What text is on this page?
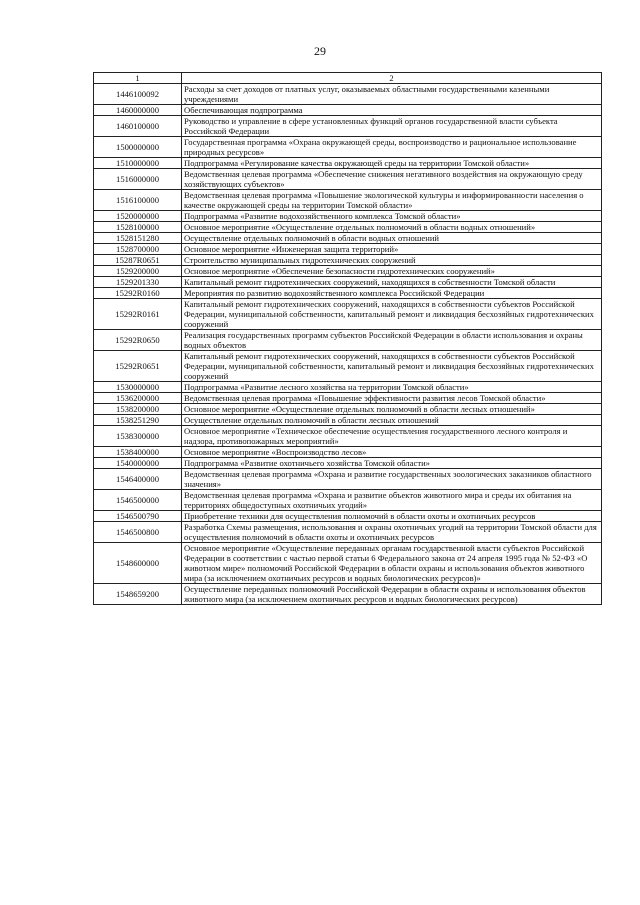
29
1	2
1446100092	Расходы за счет доходов от платных услуг, оказываемых областными государственными казенными учреждениями
1460000000	Обеспечивающая подпрограмма
1460100000	Руководство и управление в сфере установленных функций органов государственной власти субъекта Российской Федерации
1500000000	Государственная программа «Охрана окружающей среды, воспроизводство и рациональное использование природных ресурсов»
1510000000	Подпрограмма «Регулирование качества окружающей среды на территории Томской области»
1516000000	Ведомственная целевая программа «Обеспечение снижения негативного воздействия на окружающую среду хозяйствующих субъектов»
1516100000	Ведомственная целевая программа «Повышение экологической культуры и информированности населения о качестве окружающей среды на территории Томской области»
1520000000	Подпрограмма «Развитие водохозяйственного комплекса Томской области»
1528100000	Основное мероприятие «Осуществление отдельных полномочий в области водных отношений»
1528151280	Осуществление отдельных полномочий в области водных отношений
1528700000	Основное мероприятие «Инженерная защита территорий»
15287R0651	Строительство муниципальных гидротехнических сооружений
1529200000	Основное мероприятие «Обеспечение безопасности гидротехнических сооружений»
1529201330	Капитальный ремонт гидротехнических сооружений, находящихся в собственности Томской области
15292R0160	Мероприятия по развитию водохозяйственного комплекса Российской Федерации
15292R0161	Капитальный ремонт гидротехнических сооружений, находящихся в собственности субъектов Российской Федерации, муниципальной собственности, капитальный ремонт и ликвидация бесхозяйных гидротехнических сооружений
15292R0650	Реализация государственных программ субъектов Российской Федерации в области использования и охраны водных объектов
15292R0651	Капитальный ремонт гидротехнических сооружений, находящихся в собственности субъектов Российской Федерации, муниципальной собственности, капитальный ремонт и ликвидация бесхозяйных гидротехнических сооружений
1530000000	Подпрограмма «Развитие лесного хозяйства на территории Томской области»
1536200000	Ведомственная целевая программа «Повышение эффективности развития лесов Томской области»
1538200000	Основное мероприятие «Осуществление отдельных полномочий в области лесных отношений»
1538251290	Осуществление отдельных полномочий в области лесных отношений
1538300000	Основное мероприятие «Техническое обеспечение осуществления государственного лесного контроля и надзора, противопожарных мероприятий»
1538400000	Основное мероприятие «Воспроизводство лесов»
1540000000	Подпрограмма «Развитие охотничьего хозяйства Томской области»
1546400000	Ведомственная целевая программа «Охрана и развитие государственных зоологических заказников областного значения»
1546500000	Ведомственная целевая программа «Охрана и развитие объектов животного мира и среды их обитания на территориях общедоступных охотничьих угодий»
1546500790	Приобретение техники для осуществления полномочий в области охоты и охотничьих ресурсов
1546500800	Разработка Схемы размещения, использования и охраны охотничьих угодий на территории Томской области для осуществления полномочий в области охоты и охотничьих ресурсов
1548600000	Основное мероприятие «Осуществление переданных органам государственной власти субъектов Российской Федерации в соответствии с частью первой статьи 6 Федерального закона от 24 апреля 1995 года № 52-ФЗ «О животном мире» полномочий Российской Федерации в области охраны и использования объектов животного мира (за исключением охотничьих ресурсов и водных биологических ресурсов)»
1548659200	Осуществление переданных полномочий Российской Федерации в области охраны и использования объектов животного мира (за исключением охотничьих ресурсов и водных биологических ресурсов)
